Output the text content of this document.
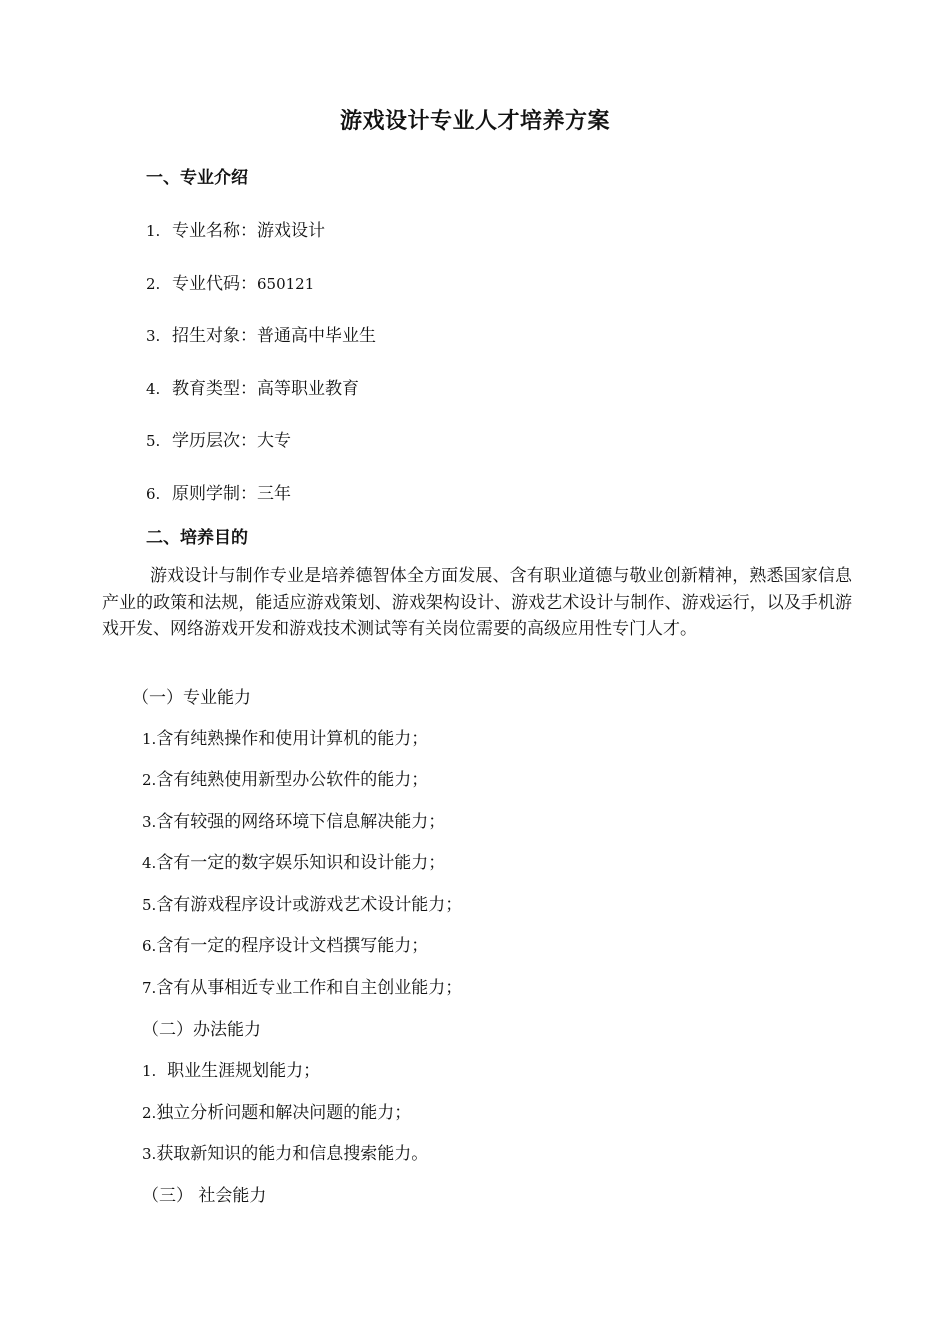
游戏设计专业人才培养方案
一、专业介绍
1. 专业名称：游戏设计
2. 专业代码：650121
3. 招生对象：普通高中毕业生
4. 教育类型：高等职业教育
5. 学历层次：大专
6. 原则学制：三年
二、培养目的
游戏设计与制作专业是培养德智体全方面发展、含有职业道德与敬业创新精神，熟悉国家信息产业的政策和法规，能适应游戏策划、游戏架构设计、游戏艺术设计与制作、游戏运行，以及手机游戏开发、网络游戏开发和游戏技术测试等有关岗位需要的高级应用性专门人才。
（一）专业能力
1.含有纯熟操作和使用计算机的能力；
2.含有纯熟使用新型办公软件的能力；
3.含有较强的网络环境下信息解决能力；
4.含有一定的数字娱乐知识和设计能力；
5.含有游戏程序设计或游戏艺术设计能力；
6.含有一定的程序设计文档撰写能力；
7.含有从事相近专业工作和自主创业能力；
（二）办法能力
1.  职业生涯规划能力；
2.独立分析问题和解决问题的能力；
3.获取新知识的能力和信息搜索能力。
（三） 社会能力
